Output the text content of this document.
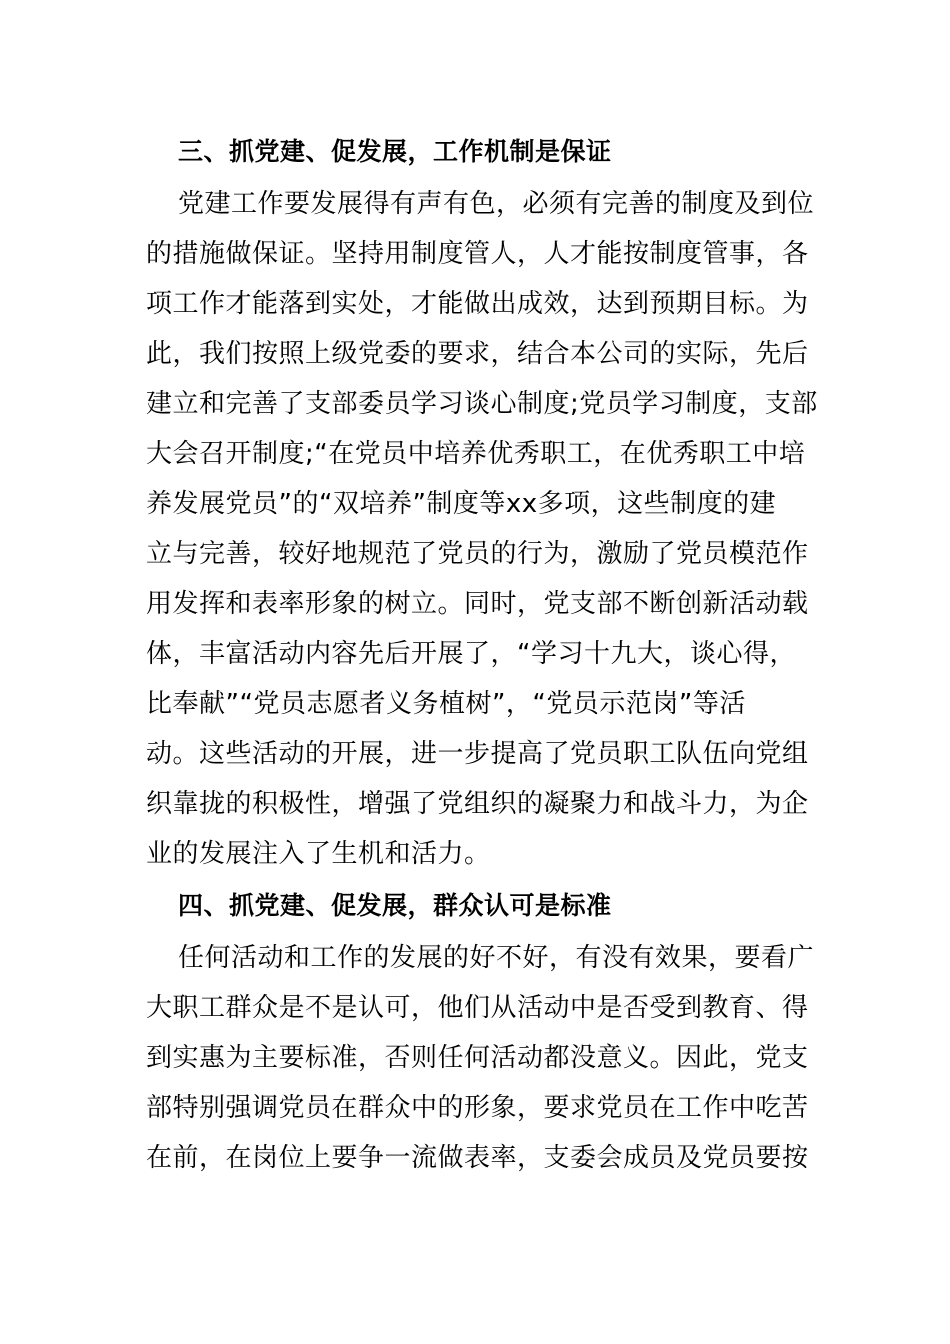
三、抓党建、促发展，工作机制是保证
党建工作要发展得有声有色，必须有完善的制度及到位
的措施做保证。坚持用制度管人，人才能按制度管事，各
项工作才能落到实处，才能做出成效，达到预期目标。为
此，我们按照上级党委的要求，结合本公司的实际，先后
建立和完善了支部委员学习谈心制度;党员学习制度，支部
大会召开制度;“在党员中培养优秀职工，在优秀职工中培
养发展党员”的“双培养”制度等xx多项，这些制度的建
立与完善，较好地规范了党员的行为，激励了党员模范作
用发挥和表率形象的树立。同时，党支部不断创新活动载
体，丰富活动内容先后开展了，“学习十九大，谈心得，
比奉献”“党员志愿者义务植树”，“党员示范岗”等活
动。这些活动的开展，进一步提高了党员职工队伍向党组
织靠拢的积极性，增强了党组织的凝聚力和战斗力，为企
业的发展注入了生机和活力。
四、抓党建、促发展，群众认可是标准
任何活动和工作的发展的好不好，有没有效果，要看广
大职工群众是不是认可，他们从活动中是否受到教育、得
到实惠为主要标准，否则任何活动都没意义。因此，党支
部特别强调党员在群众中的形象，要求党员在工作中吃苦
在前，在岗位上要争一流做表率，支委会成员及党员要按
